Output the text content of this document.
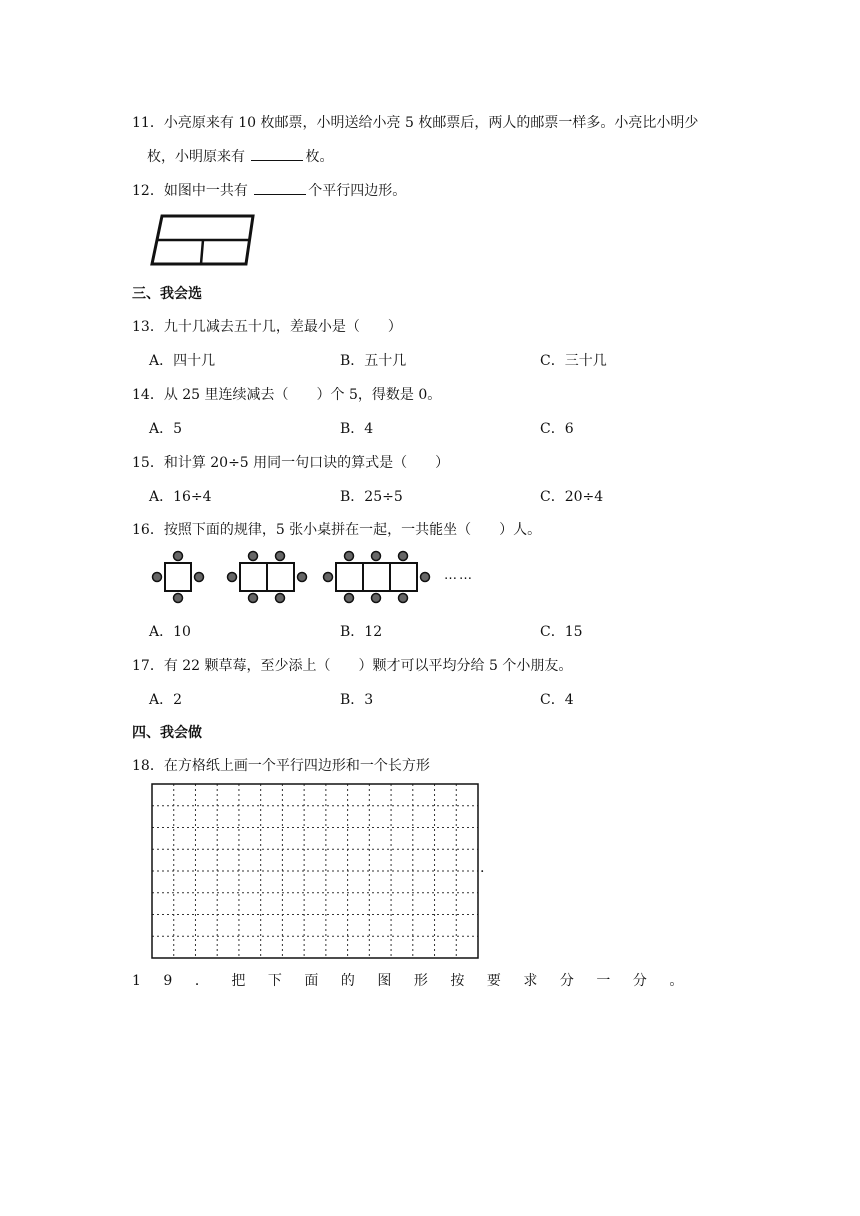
11．小亮原来有 10 枚邮票，小明送给小亮 5 枚邮票后，两人的邮票一样多。小亮比小明少
枚，小明原来有	枚。
12．如图中一共有	个平行四边形。
三、我会选
13．九十几减去五十几，差最小是（　　）
A．四十几	B．五十几	C．三十几
14．从 25 里连续减去（　　）个 5，得数是 0。
A．5	B．4	C．6
15．和计算 20÷5 用同一句口诀的算式是（　　）
A．16÷4	B．25÷5	C．20÷4
16．按照下面的规律，5 张小桌拼在一起，一共能坐（　　）人。
……
A．10	B．12	C．15
17．有 22 颗草莓，至少添上（　　）颗才可以平均分给 5 个小朋友。
A．2	B．3	C．4
四、我会做
18．在方格纸上画一个平行四边形和一个长方形
.
19．把下面的图形按要求分一分。
